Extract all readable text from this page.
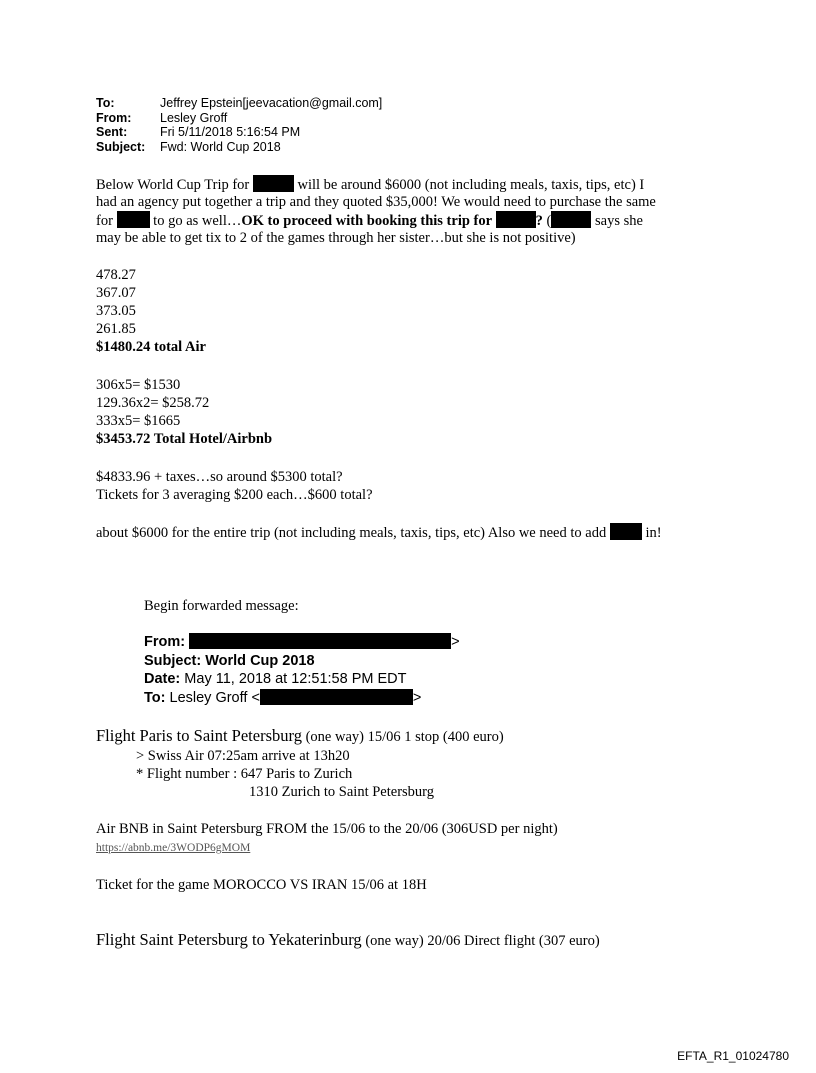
To:	Jeffrey Epstein[jeevacation@gmail.com]
From:	Lesley Groff
Sent:	Fri 5/11/2018 5:16:54 PM
Subject:	Fwd: World Cup 2018
Below World Cup Trip for	will be around $6000 (not including meals, taxis, tips, etc) I
had an agency put together a trip and they quoted $35,000! We would need to purchase the same
for	to go as well…OK to proceed with booking this trip for	? (	says she
may be able to get tix to 2 of the games through her sister…but she is not positive)
478.27
367.07
373.05
261.85
$1480.24 total Air
306x5= $1530
129.36x2= $258.72
333x5= $1665
$3453.72 Total Hotel/Airbnb
$4833.96 + taxes…so around $5300 total?
Tickets for 3 averaging $200 each…$600 total?
about $6000 for the entire trip (not including meals, taxis, tips, etc) Also we need to add	in!
Begin forwarded message:
From:	>
Subject: World Cup 2018
Date: May 11, 2018 at 12:51:58 PM EDT
To: Lesley Groff <	>
Flight Paris to Saint Petersburg (one way) 15/06 1 stop (400 euro)
> Swiss Air 07:25am arrive at 13h20
* Flight number : 647 Paris to Zurich
1310 Zurich to Saint Petersburg
Air BNB in Saint Petersburg FROM the 15/06 to the 20/06 (306USD per night)
https://abnb.me/3WODP6gMOM
Ticket for the game MOROCCO VS IRAN 15/06 at 18H
Flight Saint Petersburg to Yekaterinburg (one way) 20/06 Direct flight (307 euro)
EFTA_R1_01024780
